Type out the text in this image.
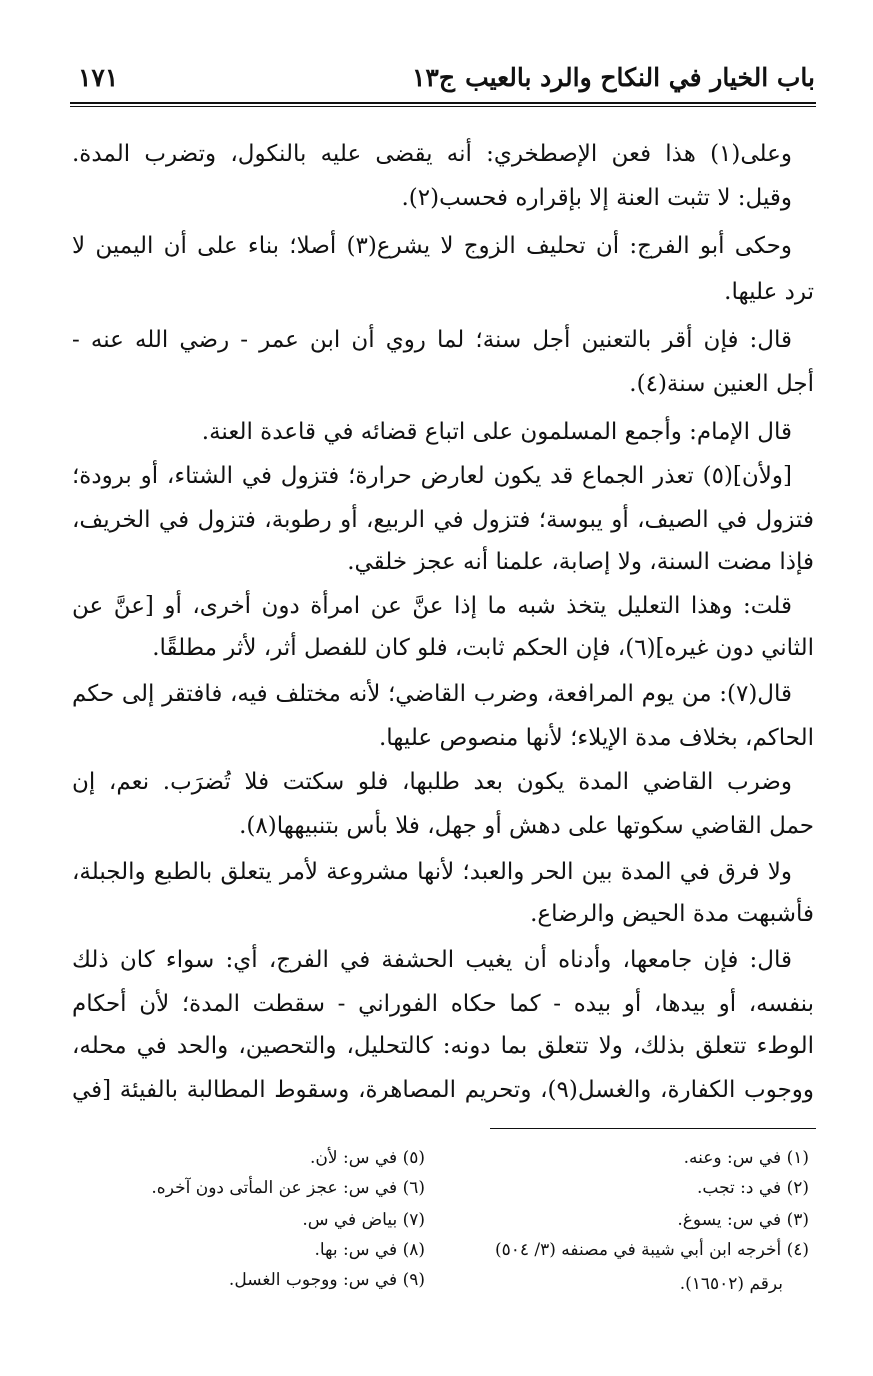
باب الخيار في النكاح والرد بالعيب
ج١٣
١٧١
وعلى(١) هذا فعن الإصطخري: أنه يقضى عليه بالنكول، وتضرب المدة.
وقيل: لا تثبت العنة إلا بإقراره فحسب(٢).
وحكى أبو الفرج: أن تحليف الزوج لا يشرع(٣) أصلا؛ بناء على أن اليمين لا
ترد عليها.
قال: فإن أقر بالتعنين أجل سنة؛ لما روي أن ابن عمر - رضي الله عنه -
أجل العنين سنة(٤).
قال الإمام: وأجمع المسلمون على اتباع قضائه في قاعدة العنة.
[ولأن](٥) تعذر الجماع قد يكون لعارض حرارة؛ فتزول في الشتاء، أو برودة؛
فتزول في الصيف، أو يبوسة؛ فتزول في الربيع، أو رطوبة، فتزول في الخريف،
فإذا مضت السنة، ولا إصابة، علمنا أنه عجز خلقي.
قلت: وهذا التعليل يتخذ شبه ما إذا عنَّ عن امرأة دون أخرى، أو [عنَّ عن
الثاني دون غيره](٦)، فإن الحكم ثابت، فلو كان للفصل أثر، لأثر مطلقًا.
قال(٧): من يوم المرافعة، وضرب القاضي؛ لأنه مختلف فيه، فافتقر إلى حكم
الحاكم، بخلاف مدة الإيلاء؛ لأنها منصوص عليها.
وضرب القاضي المدة يكون بعد طلبها، فلو سكتت فلا تُضرَب. نعم، إن
حمل القاضي سكوتها على دهش أو جهل، فلا بأس بتنبيهها(٨).
ولا فرق في المدة بين الحر والعبد؛ لأنها مشروعة لأمر يتعلق بالطبع والجبلة،
فأشبهت مدة الحيض والرضاع.
قال: فإن جامعها، وأدناه أن يغيب الحشفة في الفرج، أي: سواء كان ذلك
بنفسه، أو بيدها، أو بيده - كما حكاه الفوراني - سقطت المدة؛ لأن أحكام
الوطء تتعلق بذلك، ولا تتعلق بما دونه: كالتحليل، والتحصين، والحد في محله،
ووجوب الكفارة، والغسل(٩)، وتحريم المصاهرة، وسقوط المطالبة بالفيئة [في
(١) في س: وعنه.
(٢) في د: تجب.
(٣) في س: يسوغ.
(٤) أخرجه ابن أبي شيبة في مصنفه (٣/ ٥٠٤)
برقم (١٦٥٠٢).
(٥) في س: لأن.
(٦) في س: عجز عن المأتى دون آخره.
(٧) بياض في س.
(٨) في س: بها.
(٩) في س: ووجوب الغسل.
